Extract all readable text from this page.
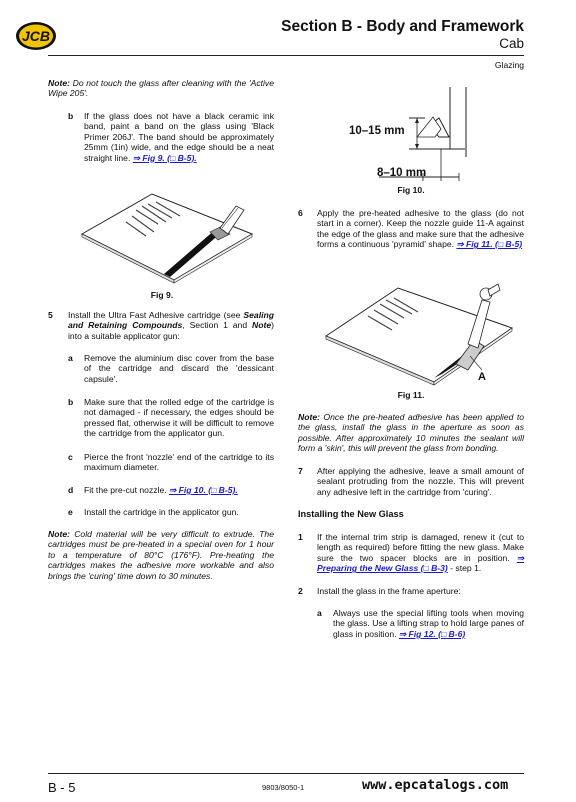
JCB
Section B - Body and Framework
Cab
Glazing
Note: Do not touch the glass after cleaning with the 'Active Wipe 205'.
b If the glass does not have a black ceramic ink band, paint a band on the glass using 'Black Primer 206J'. The band should be approximately 25mm (1in) wide, and the edge should be a neat straight line. ⇒ Fig 9. (□ B-5).
Fig 9.
5 Install the Ultra Fast Adhesive cartridge (see Sealing and Retaining Compounds, Section 1 and Note) into a suitable applicator gun:
a Remove the aluminium disc cover from the base of the cartridge and discard the 'dessicant capsule'.
b Make sure that the rolled edge of the cartridge is not damaged - if necessary, the edges should be pressed flat, otherwise it will be difficult to remove the cartridge from the applicator gun.
c Pierce the front 'nozzle' end of the cartridge to its maximum diameter.
d Fit the pre-cut nozzle. ⇒ Fig 10. (□ B-5).
e Install the cartridge in the applicator gun.
Note: Cold material will be very difficult to extrude. The cartridges must be pre-heated in a special oven for 1 hour to a temperature of 80°C (176°F). Pre-heating the cartridges makes the adhesive more workable and also brings the 'curing' time down to 30 minutes.
10–15 mm
8–10 mm
Fig 10.
6 Apply the pre-heated adhesive to the glass (do not start in a corner). Keep the nozzle guide 11-A against the edge of the glass and make sure that the adhesive forms a continuous 'pyramid' shape. ⇒ Fig 11. (□ B-5)
A
Fig 11.
Note: Once the pre-heated adhesive has been applied to the glass, install the glass in the aperture as soon as possible. After approximately 10 minutes the sealant will form a 'skin', this will prevent the glass from bonding.
7 After applying the adhesive, leave a small amount of sealant protruding from the nozzle. This will prevent any adhesive left in the cartridge from 'curing'.
Installing the New Glass
1 If the internal trim strip is damaged, renew it (cut to length as required) before fitting the new glass. Make sure the two spacer blocks are in position. ⇒ Preparing the New Glass (□ B-3) - step 1.
2 Install the glass in the frame aperture:
a Always use the special lifting tools when moving the glass. Use a lifting strap to hold large panes of glass in position. ⇒ Fig 12. (□ B-6)
B - 5	9803/8050-1	www.epcatalogs.com
